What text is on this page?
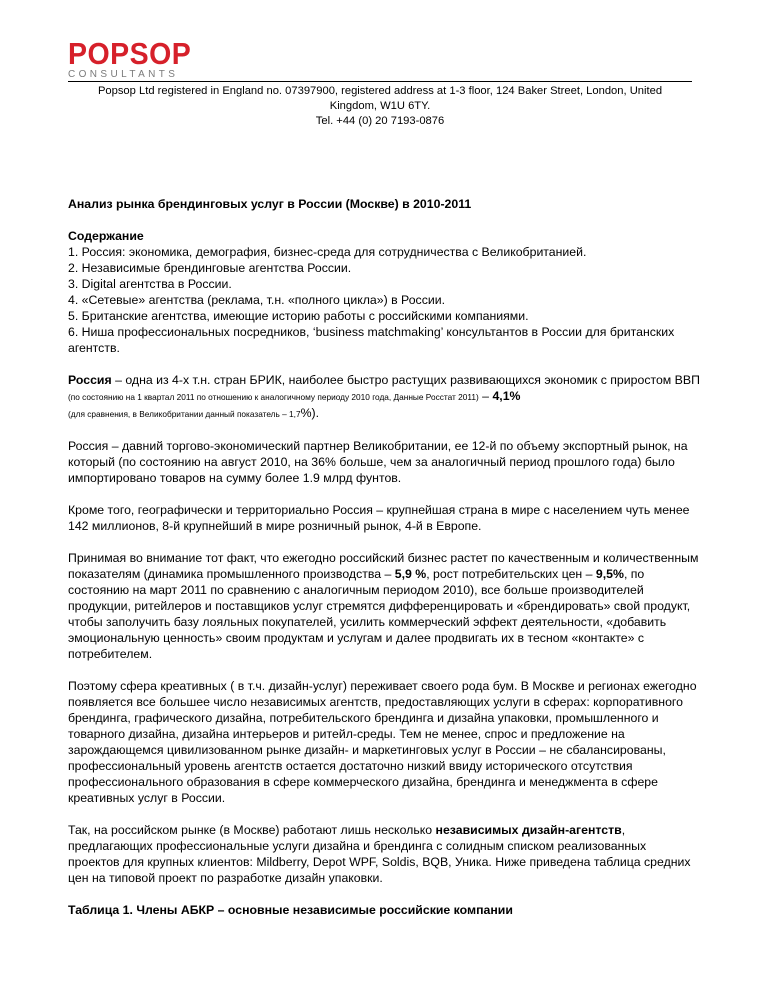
POPSOP
CONSULTANTS
Popsop Ltd registered in England no. 07397900, registered address at 1-3 floor, 124 Baker Street, London, United
Kingdom, W1U 6TY.
Tel. +44 (0) 20 7193-0876

Анализ рынка брендинговых услуг в России (Москве) в 2010-2011

Содержание

1. Россия: экономика, демография, бизнес-среда для сотрудничества с Великобританией.

2. Независимые брендинговые агентства России.

3. Digital агентства в России.

4. «Сетевые» агентства (реклама, т.н. «полного цикла») в России.

5. Британские агентства, имеющие историю работы с российскими компаниями.

6. Ниша профессиональных посредников, ‘business matchmaking’ консультантов в России для британских агентств.

Россия – одна из 4-х т.н. стран БРИК, наиболее быстро растущих развивающихся экономик с приростом ВВП (по состоянию на 1 квартал 2011 по отношению к аналогичному периоду 2010 года, Данные Росстат 2011) – 4,1%
(для сравнения, в Великобритании данный показатель – 1,7%).

Россия – давний торгово-экономический партнер Великобритании, ее 12-й по объему экспортный рынок, на который (по состоянию на август 2010, на 36% больше, чем за аналогичный период прошлого года) было импортировано товаров на сумму более 1.9 млрд фунтов.

Кроме того, географически и территориально Россия – крупнейшая страна в мире с населением чуть менее 142 миллионов, 8-й крупнейший в мире розничный рынок, 4-й в Европе.

Принимая во внимание тот факт, что ежегодно российский бизнес растет по качественным и количественным показателям (динамика промышленного производства – 5,9 %, рост потребительских цен – 9,5%, по состоянию на март 2011 по сравнению с аналогичным периодом 2010), все больше производителей продукции, ритейлеров и поставщиков услуг стремятся дифференцировать и «брендировать» свой продукт, чтобы заполучить базу лояльных покупателей, усилить коммерческий эффект деятельности, «добавить эмоциональную ценность» своим продуктам и услугам и далее продвигать их в тесном «контакте» с потребителем.

Поэтому сфера креативных ( в т.ч. дизайн-услуг) переживает своего рода бум. В Москве и регионах ежегодно появляется все большее число независимых агентств, предоставляющих услуги в сферах: корпоративного брендинга, графического дизайна, потребительского брендинга и дизайна упаковки, промышленного и товарного дизайна, дизайна интерьеров и ритейл-среды. Тем не менее, спрос и предложение на зарождающемся цивилизованном рынке дизайн- и маркетинговых услуг в России – не сбалансированы, профессиональный уровень агентств остается достаточно низкий ввиду исторического отсутствия профессионального образования в сфере коммерческого дизайна, брендинга и менеджмента в сфере креативных услуг в России.

Так, на российском рынке (в Москве) работают лишь несколько независимых дизайн-агентств, предлагающих профессиональные услуги дизайна и брендинга с солидным списком реализованных проектов для крупных клиентов: Mildberry, Depot WPF, Soldis, BQB, Уника. Ниже приведена таблица средних цен на типовой проект по разработке дизайн упаковки.

Таблица 1. Члены АБКР – основные независимые российские компании
